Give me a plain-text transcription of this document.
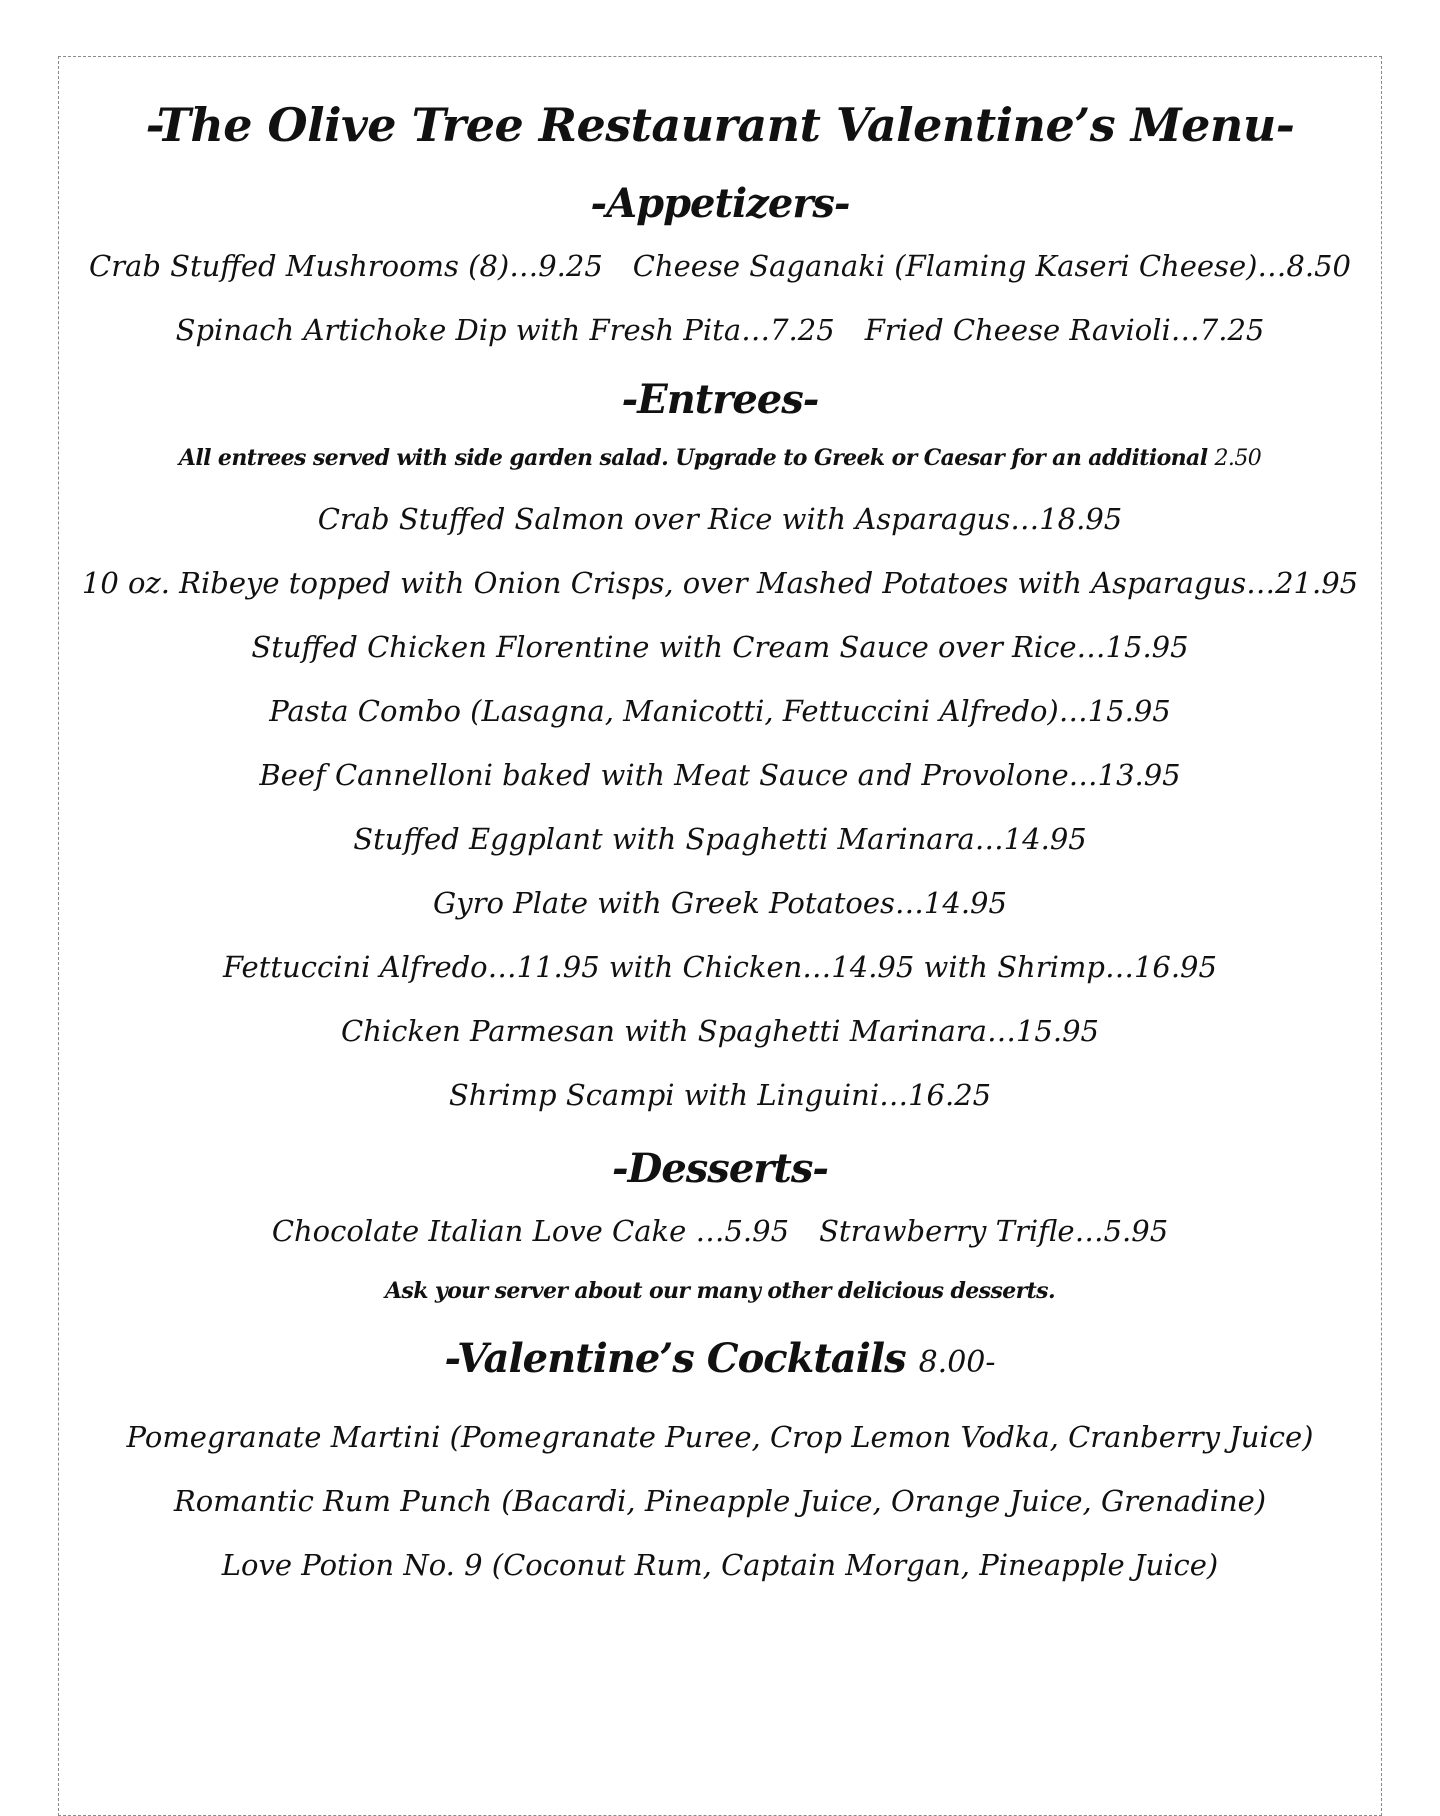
-The Olive Tree Restaurant Valentine’s Menu-
-Appetizers-
Crab Stuffed Mushrooms (8)…9.25 Cheese Saganaki (Flaming Kaseri Cheese)…8.50
Spinach Artichoke Dip with Fresh Pita…7.25 Fried Cheese Ravioli…7.25
-Entrees-
All entrees served with side garden salad. Upgrade to Greek or Caesar for an additional 2.50
Crab Stuffed Salmon over Rice with Asparagus…18.95
10 oz. Ribeye topped with Onion Crisps, over Mashed Potatoes with Asparagus…21.95
Stuffed Chicken Florentine with Cream Sauce over Rice…15.95
Pasta Combo (Lasagna, Manicotti, Fettuccini Alfredo)…15.95
Beef Cannelloni baked with Meat Sauce and Provolone…13.95
Stuffed Eggplant with Spaghetti Marinara…14.95
Gyro Plate with Greek Potatoes…14.95
Fettuccini Alfredo…11.95 with Chicken…14.95 with Shrimp…16.95
Chicken Parmesan with Spaghetti Marinara…15.95
Shrimp Scampi with Linguini…16.25
-Desserts-
Chocolate Italian Love Cake …5.95 Strawberry Trifle…5.95
Ask your server about our many other delicious desserts.
-Valentine’s Cocktails 8.00-
Pomegranate Martini (Pomegranate Puree, Crop Lemon Vodka, Cranberry Juice)
Romantic Rum Punch (Bacardi, Pineapple Juice, Orange Juice, Grenadine)
Love Potion No. 9 (Coconut Rum, Captain Morgan, Pineapple Juice)
